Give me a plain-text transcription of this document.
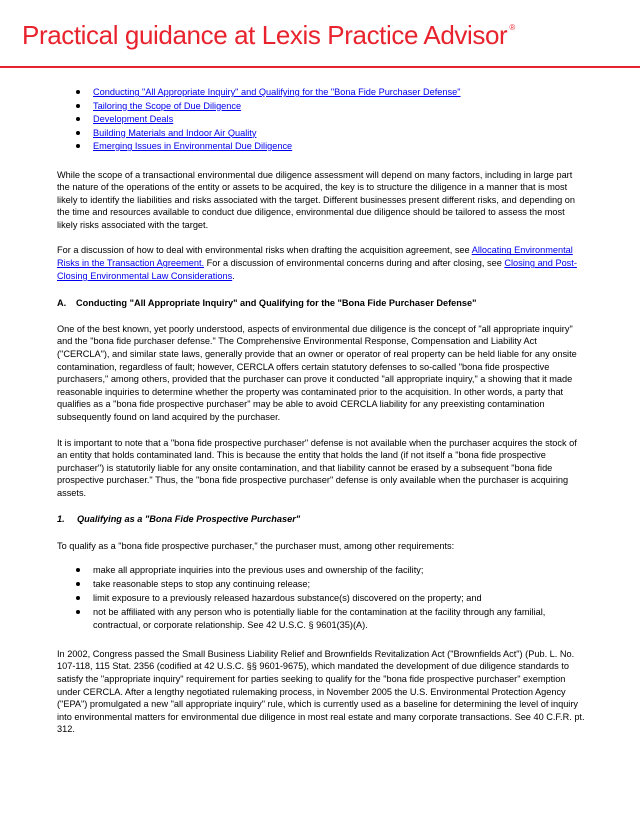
Practical guidance at Lexis Practice Advisor ®
Conducting "All Appropriate Inquiry" and Qualifying for the "Bona Fide Purchaser Defense"
Tailoring the Scope of Due Diligence
Development Deals
Building Materials and Indoor Air Quality
Emerging Issues in Environmental Due Diligence

While the scope of a transactional environmental due diligence assessment will depend on many factors, including in large part the nature of the operations of the entity or assets to be acquired, the key is to structure the diligence in a manner that is most likely to identify the liabilities and risks associated with the target. Different businesses present different risks, and depending on the time and resources available to conduct due diligence, environmental due diligence should be tailored to assess the most likely risks associated with the target.

For a discussion of how to deal with environmental risks when drafting the acquisition agreement, see Allocating Environmental Risks in the Transaction Agreement. For a discussion of environmental concerns during and after closing, see Closing and Post-Closing Environmental Law Considerations.

A. Conducting "All Appropriate Inquiry" and Qualifying for the "Bona Fide Purchaser Defense"

One of the best known, yet poorly understood, aspects of environmental due diligence is the concept of "all appropriate inquiry" and the "bona fide purchaser defense." The Comprehensive Environmental Response, Compensation and Liability Act ("CERCLA"), and similar state laws, generally provide that an owner or operator of real property can be held liable for any onsite contamination, regardless of fault; however, CERCLA offers certain statutory defenses to so-called "bona fide prospective purchasers," among others, provided that the purchaser can prove it conducted "all appropriate inquiry," a showing that it made reasonable inquiries to determine whether the property was contaminated prior to the acquisition. In other words, a party that qualifies as a "bona fide prospective purchaser" may be able to avoid CERCLA liability for any preexisting contamination subsequently found on land acquired by the purchaser.

It is important to note that a "bona fide prospective purchaser" defense is not available when the purchaser acquires the stock of an entity that holds contaminated land. This is because the entity that holds the land (if not itself a "bona fide prospective purchaser") is statutorily liable for any onsite contamination, and that liability cannot be erased by a subsequent "bona fide prospective purchaser." Thus, the "bona fide prospective purchaser" defense is only available when the purchaser is acquiring assets.

1. Qualifying as a "Bona Fide Prospective Purchaser"

To qualify as a "bona fide prospective purchaser," the purchaser must, among other requirements:

make all appropriate inquiries into the previous uses and ownership of the facility;
take reasonable steps to stop any continuing release;
limit exposure to a previously released hazardous substance(s) discovered on the property; and
not be affiliated with any person who is potentially liable for the contamination at the facility through any familial, contractual, or corporate relationship. See 42 U.S.C. § 9601(35)(A).

In 2002, Congress passed the Small Business Liability Relief and Brownfields Revitalization Act ("Brownfields Act") (Pub. L. No. 107-118, 115 Stat. 2356 (codified at 42 U.S.C. §§ 9601-9675), which mandated the development of due diligence standards to satisfy the "appropriate inquiry" requirement for parties seeking to qualify for the "bona fide prospective purchaser" exemption under CERCLA. After a lengthy negotiated rulemaking process, in November 2005 the U.S. Environmental Protection Agency ("EPA") promulgated a new "all appropriate inquiry" rule, which is currently used as a baseline for determining the level of inquiry into environmental matters for environmental due diligence in most real estate and many corporate transactions. See 40 C.F.R. pt. 312.
